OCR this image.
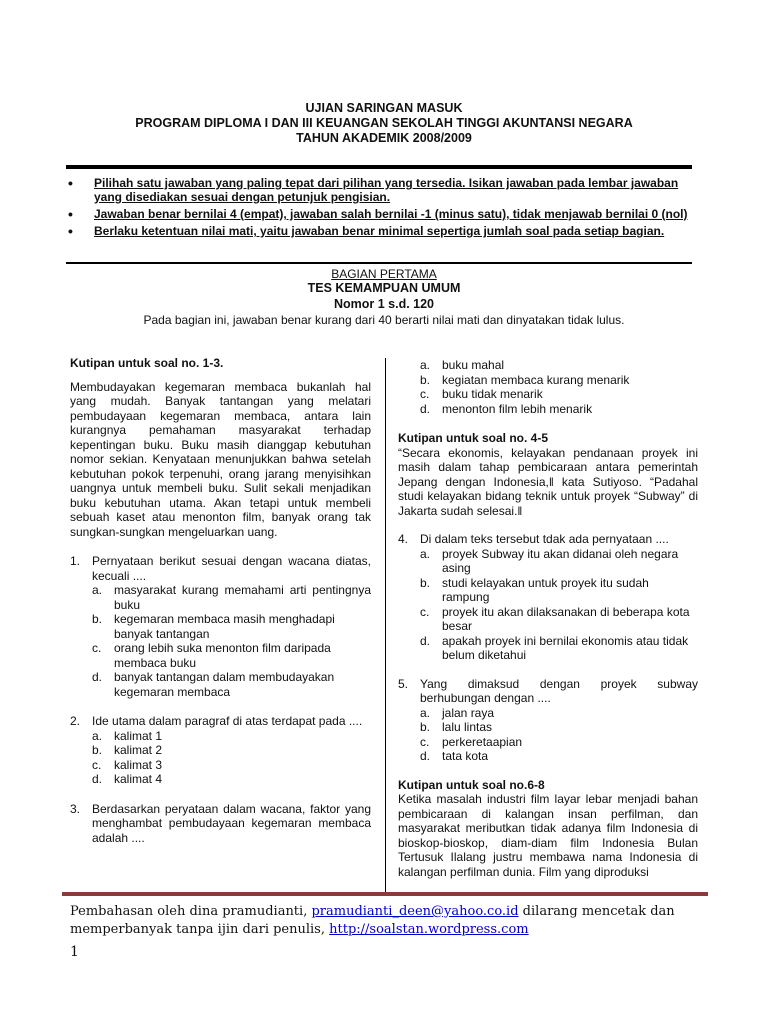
UJIAN SARINGAN MASUK
PROGRAM DIPLOMA I DAN III KEUANGAN SEKOLAH TINGGI AKUNTANSI NEGARA
TAHUN AKADEMIK 2008/2009
• Pilihah satu jawaban yang paling tepat dari pilihan yang tersedia. Isikan jawaban pada lembar jawaban yang disediakan sesuai dengan petunjuk pengisian.
• Jawaban benar bernilai 4 (empat), jawaban salah bernilai -1 (minus satu), tidak menjawab bernilai 0 (nol)
• Berlaku ketentuan nilai mati, yaitu jawaban benar minimal sepertiga jumlah soal pada setiap bagian.
BAGIAN PERTAMA
TES KEMAMPUAN UMUM
Nomor 1 s.d. 120
Pada bagian ini, jawaban benar kurang dari 40 berarti nilai mati dan dinyatakan tidak lulus.
Kutipan untuk soal no. 1-3.
Membudayakan kegemaran membaca bukanlah hal yang mudah. Banyak tantangan yang melatari pembudayaan kegemaran membaca, antara lain kurangnya pemahaman masyarakat terhadap kepentingan buku. Buku masih dianggap kebutuhan nomor sekian. Kenyataan menunjukkan bahwa setelah kebutuhan pokok terpenuhi, orang jarang menyisihkan uangnya untuk membeli buku. Sulit sekali menjadikan buku kebutuhan utama. Akan tetapi untuk membeli sebuah kaset atau menonton film, banyak orang tak sungkan-sungkan mengeluarkan uang.
1. Pernyataan berikut sesuai dengan wacana diatas, kecuali ....
a. masyarakat kurang memahami arti pentingnya buku
b. kegemaran membaca masih menghadapi banyak tantangan
c. orang lebih suka menonton film daripada membaca buku
d. banyak tantangan dalam membudayakan kegemaran membaca
2. Ide utama dalam paragraf di atas terdapat pada ....
a. kalimat 1
b. kalimat 2
c. kalimat 3
d. kalimat 4
3. Berdasarkan peryataan dalam wacana, faktor yang menghambat pembudayaan kegemaran membaca adalah ....
a. buku mahal
b. kegiatan membaca kurang menarik
c. buku tidak menarik
d. menonton film lebih menarik
Kutipan untuk soal no. 4-5
“Secara ekonomis, kelayakan pendanaan proyek ini masih dalam tahap pembicaraan antara pemerintah Jepang dengan Indonesia,‖ kata Sutiyoso. “Padahal studi kelayakan bidang teknik untuk proyek “Subway” di Jakarta sudah selesai.‖
4. Di dalam teks tersebut tdak ada pernyataan ....
a. proyek Subway itu akan didanai oleh negara asing
b. studi kelayakan untuk proyek itu sudah rampung
c. proyek itu akan dilaksanakan di beberapa kota besar
d. apakah proyek ini bernilai ekonomis atau tidak belum diketahui
5. Yang dimaksud dengan proyek subway berhubungan dengan ....
a. jalan raya
b. lalu lintas
c. perkeretaapian
d. tata kota
Kutipan untuk soal no.6-8
Ketika masalah industri film layar lebar menjadi bahan pembicaraan di kalangan insan perfilman, dan masyarakat meributkan tidak adanya film Indonesia di bioskop-bioskop, diam-diam film Indonesia Bulan Tertusuk Ilalang justru membawa nama Indonesia di kalangan perfilman dunia. Film yang diproduksi
Pembahasan oleh dina pramudianti, pramudianti_deen@yahoo.co.id dilarang mencetak dan memperbanyak tanpa ijin dari penulis, http://soalstan.wordpress.com
1
